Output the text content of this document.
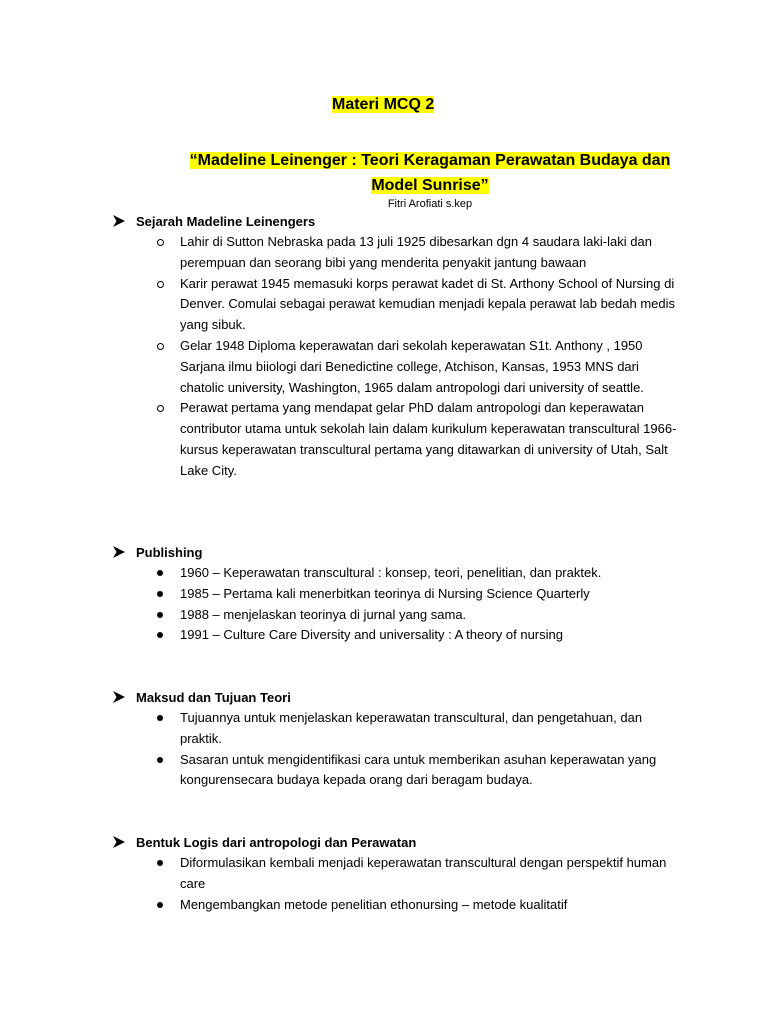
Materi MCQ 2

“Madeline Leinenger : Teori Keragaman Perawatan Budaya dan
Model Sunrise”

Fitri Arofiati s.kep

Sejarah Madeline Leinengers

Lahir di Sutton Nebraska pada 13 juli 1925 dibesarkan dgn 4 saudara laki-laki dan perempuan dan seorang bibi yang menderita penyakit jantung bawaan
Karir perawat 1945 memasuki korps perawat kadet di St. Arthony School of Nursing di Denver. Comulai sebagai perawat kemudian menjadi kepala perawat lab bedah medis yang sibuk.
Gelar 1948 Diploma keperawatan dari sekolah keperawatan S1t. Anthony , 1950 Sarjana ilmu biiologi dari Benedictine college, Atchison, Kansas, 1953 MNS dari chatolic university, Washington, 1965 dalam antropologi dari university of seattle.
Perawat pertama yang mendapat gelar PhD dalam antropologi dan keperawatan contributor utama untuk sekolah lain dalam kurikulum keperawatan transcultural 1966-kursus keperawatan transcultural pertama yang ditawarkan di university of Utah, Salt Lake City.

Publishing

1960 – Keperawatan transcultural : konsep, teori, penelitian, dan praktek.
1985 – Pertama kali menerbitkan teorinya di Nursing Science Quarterly
1988 – menjelaskan teorinya di jurnal yang sama.
1991 – Culture Care Diversity and universality : A theory of nursing

Maksud dan Tujuan Teori

Tujuannya untuk menjelaskan keperawatan transcultural, dan pengetahuan, dan praktik.
Sasaran untuk mengidentifikasi cara untuk memberikan asuhan keperawatan yang kongurensecara budaya kepada orang dari beragam budaya.

Bentuk Logis dari antropologi dan Perawatan

Diformulasikan kembali menjadi keperawatan transcultural dengan perspektif human care
Mengembangkan metode penelitian ethonursing – metode kualitatif
